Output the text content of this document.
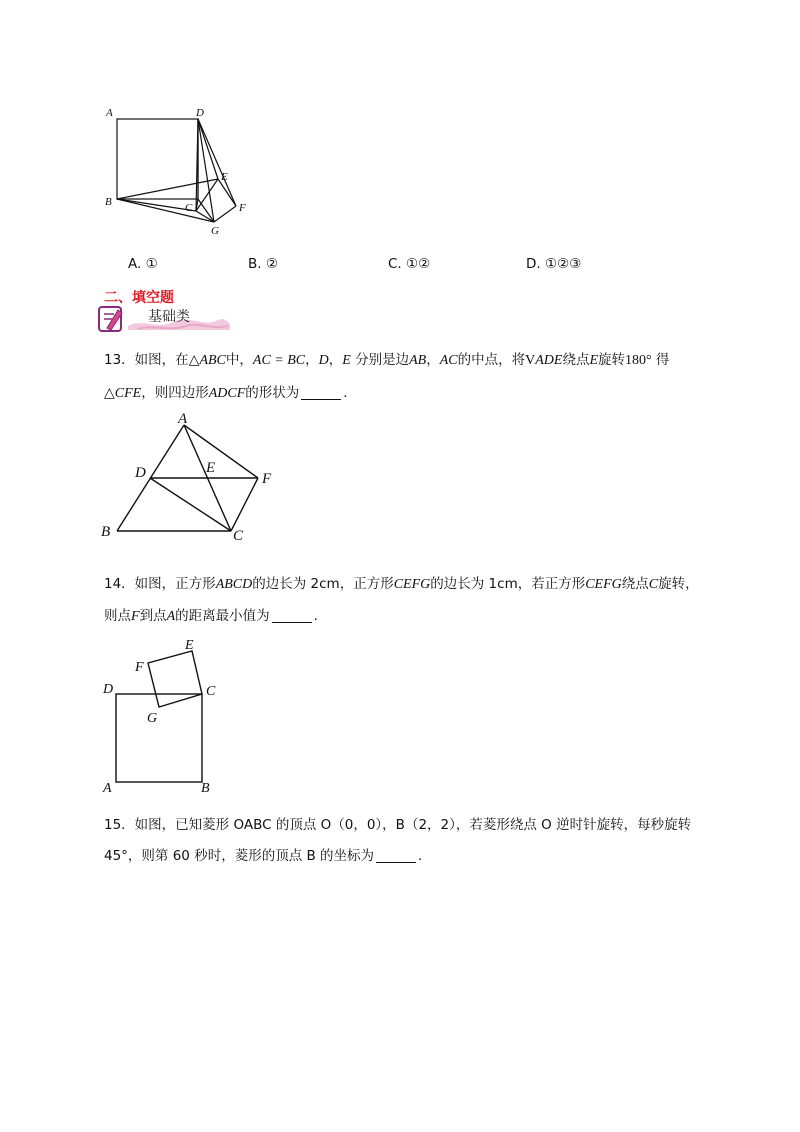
A	D
E
B	C	F
G
A. ①	B. ②	C. ①②	D. ①②③
二、填空题
基础类
13．如图，在△ABC中，AC = BC，D，E 分别是边AB，AC的中点，将VADE绕点E旋转180° 得
△CFE，则四边形ADCF的形状为	.
A
D	E
F
B	C
14．如图，正方形ABCD的边长为 2cm，正方形CEFG的边长为 1cm，若正方形CEFG绕点C旋转，
则点F到点A的距离最小值为	.
E
F
D	C
G
A	B
15．如图，已知菱形 OABC 的顶点 O（0，0），B（2，2），若菱形绕点 O 逆时针旋转，每秒旋转
45°，则第 60 秒时，菱形的顶点 B 的坐标为	.
